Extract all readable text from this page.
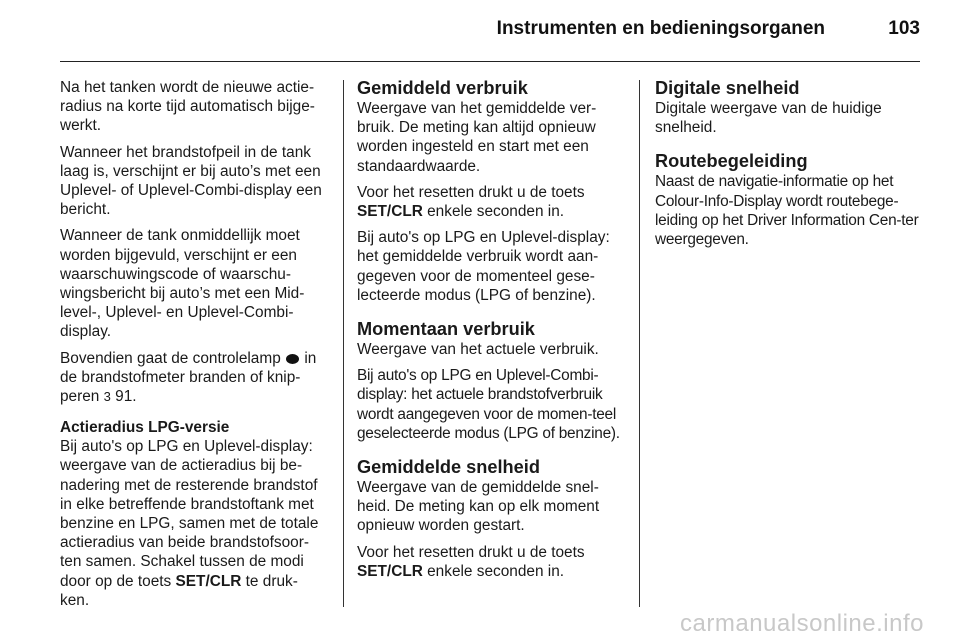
Instrumenten en bedieningsorganen	103

Na het tanken wordt de nieuwe actie-radius na korte tijd automatisch bijge-werkt.

Wanneer het brandstofpeil in de tank laag is, verschijnt er bij auto’s met een Uplevel- of Uplevel-Combi-display een bericht.

Wanneer de tank onmiddellijk moet worden bijgevuld, verschijnt er een waarschuwingscode of waarschu-wingsbericht bij auto’s met een Mid-level-, Uplevel- en Uplevel-Combi-display.

Bovendien gaat de controlelamp in de brandstofmeter branden of knip-peren 3 91.

Actieradius LPG-versie

Bij auto's op LPG en Uplevel-display: weergave van de actieradius bij be-nadering met de resterende brandstof in elke betreffende brandstoftank met benzine en LPG, samen met de totale actieradius van beide brandstofsoor-ten samen. Schakel tussen de modi door op de toets SET/CLR te druk-ken.

Gemiddeld verbruik

Weergave van het gemiddelde ver-bruik. De meting kan altijd opnieuw worden ingesteld en start met een standaardwaarde.

Voor het resetten drukt u de toets SET/CLR enkele seconden in.

Bij auto's op LPG en Uplevel-display: het gemiddelde verbruik wordt aan-gegeven voor de momenteel gese-lecteerde modus (LPG of benzine).

Momentaan verbruik

Weergave van het actuele verbruik.

Bij auto's op LPG en Uplevel-Combi-display: het actuele brandstofverbruik wordt aangegeven voor de momen-teel geselecteerde modus (LPG of benzine).

Gemiddelde snelheid

Weergave van de gemiddelde snel-heid. De meting kan op elk moment opnieuw worden gestart.

Voor het resetten drukt u de toets SET/CLR enkele seconden in.

Digitale snelheid

Digitale weergave van de huidige snelheid.

Routebegeleiding

Naast de navigatie-informatie op het Colour-Info-Display wordt routebege-leiding op het Driver Information Cen-ter weergegeven.

carmanualsonline.info
